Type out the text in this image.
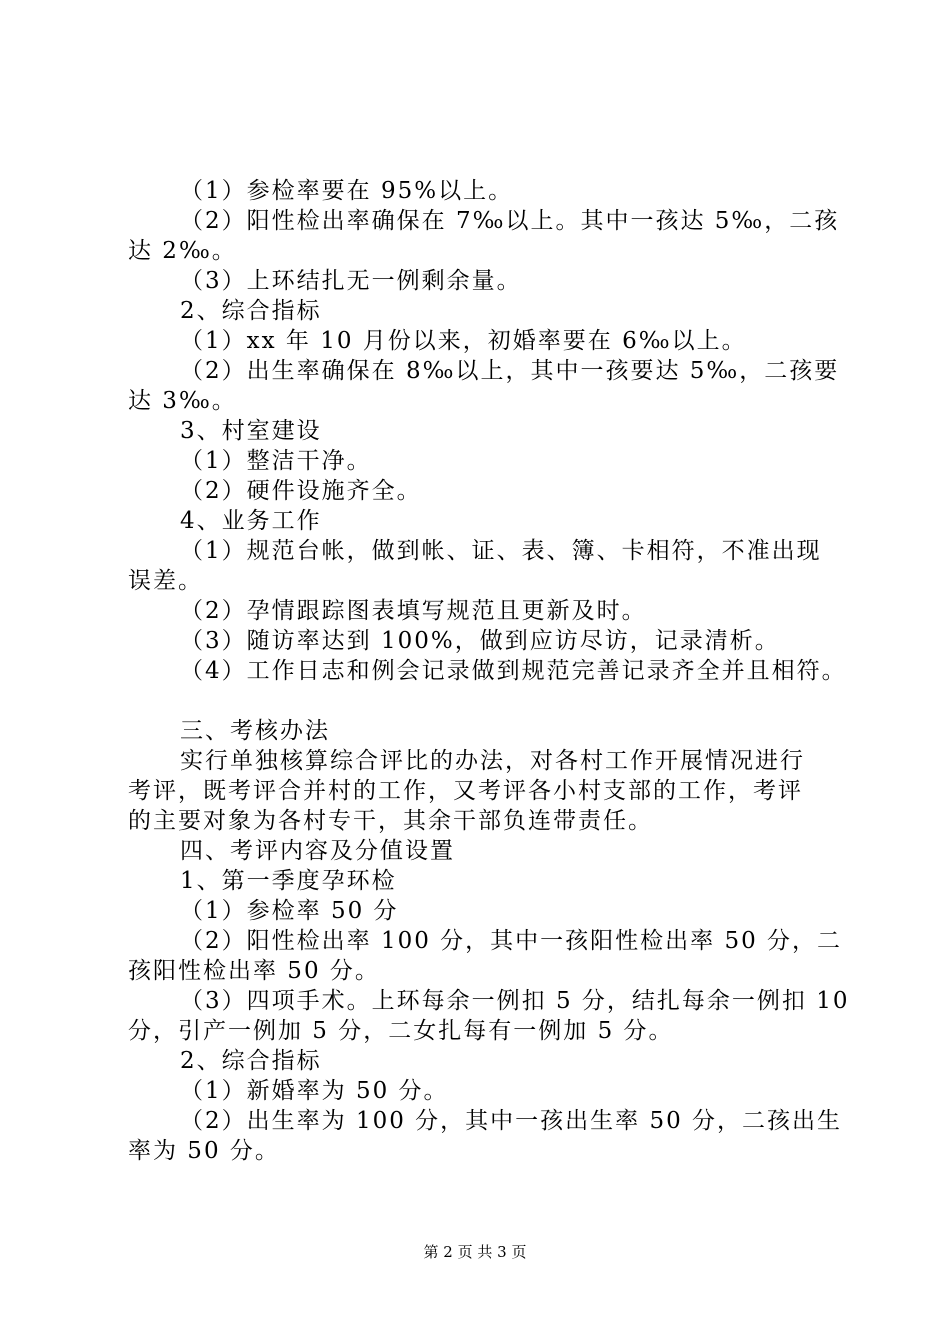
（1）参检率要在 95%以上。
（2）阳性检出率确保在 7‰以上。其中一孩达 5‰，二孩
达 2‰。
（3）上环结扎无一例剩余量。
2、综合指标
（1）xx 年 10 月份以来，初婚率要在 6‰以上。
（2）出生率确保在 8‰以上，其中一孩要达 5‰，二孩要
达 3‰。
3、村室建设
（1）整洁干净。
（2）硬件设施齐全。
4、业务工作
（1）规范台帐，做到帐、证、表、簿、卡相符，不准出现
误差。
（2）孕情跟踪图表填写规范且更新及时。
（3）随访率达到 100%，做到应访尽访，记录清析。
（4）工作日志和例会记录做到规范完善记录齐全并且相符。
三、考核办法
实行单独核算综合评比的办法，对各村工作开展情况进行
考评，既考评合并村的工作，又考评各小村支部的工作，考评
的主要对象为各村专干，其余干部负连带责任。
四、考评内容及分值设置
1、第一季度孕环检
（1）参检率 50 分
（2）阳性检出率 100 分，其中一孩阳性检出率 50 分，二
孩阳性检出率 50 分。
（3）四项手术。上环每余一例扣 5 分，结扎每余一例扣 10
分，引产一例加 5 分，二女扎每有一例加 5 分。
2、综合指标
（1）新婚率为 50 分。
（2）出生率为 100 分，其中一孩出生率 50 分，二孩出生
率为 50 分。
第 2 页 共 3 页
